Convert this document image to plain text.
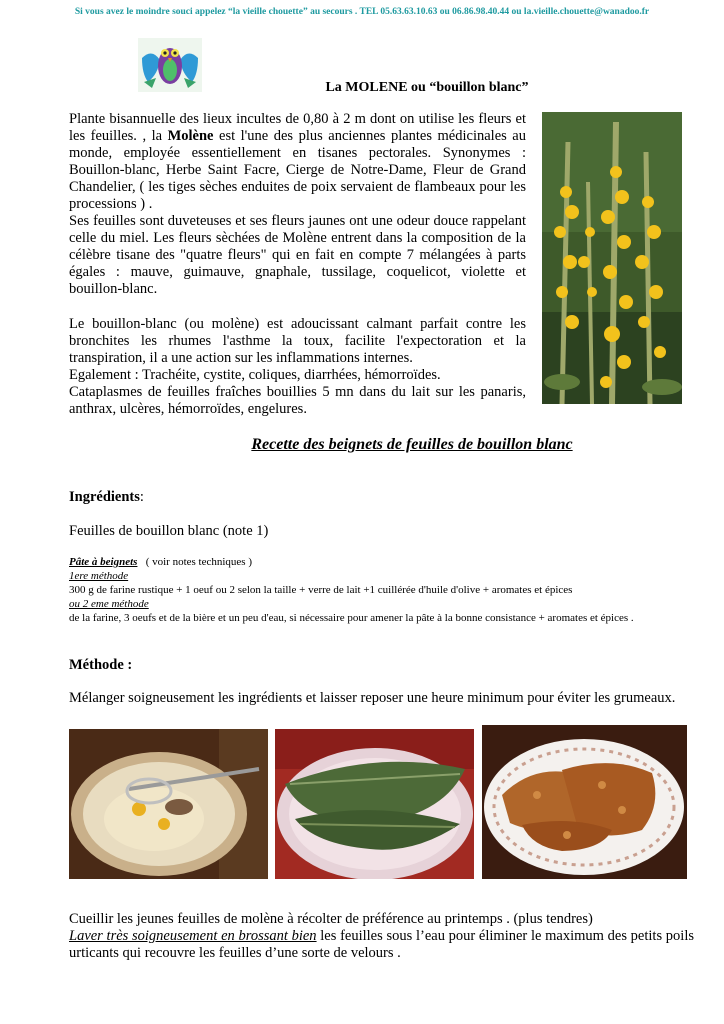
Si vous avez le moindre souci appelez “la vieille chouette” au secours . TEL 05.63.63.10.63 ou 06.86.98.40.44 ou la.vieille.chouette@wanadoo.fr
La MOLENE ou “bouillon blanc”
Plante bisannuelle des lieux incultes de 0,80 à 2 m dont on utilise les fleurs et les feuilles. , la Molène est l'une des plus anciennes plantes médicinales au monde, employée essentiellement en tisanes pectorales. Synonymes : Bouillon-blanc, Herbe Saint Facre, Cierge de Notre-Dame, Fleur de Grand Chandelier, ( les tiges sèches enduites de poix servaient de flambeaux pour les processions ) .
Ses feuilles sont duveteuses et ses fleurs jaunes ont une odeur douce rappelant celle du miel. Les fleurs sèchées de Molène entrent dans la composition de la célèbre tisane des "quatre fleurs" qui en fait en compte 7 mélangées à parts égales : mauve, guimauve, gnaphale, tussilage, coquelicot, violette et bouillon-blanc.
Le bouillon-blanc (ou molène) est adoucissant calmant parfait contre les bronchites les rhumes l'asthme la toux, facilite l'expectoration et la transpiration, il a une action sur les inflammations internes.
Egalement : Trachéite, cystite, coliques, diarrhées, hémorroïdes.
Cataplasmes de feuilles fraîches bouillies 5 mn dans du lait sur les panaris, anthrax, ulcères, hémorroïdes, engelures.
Recette des beignets de feuilles de bouillon blanc
Ingrédients:
Feuilles de bouillon blanc (note 1)
Pâte à beignets   ( voir notes techniques )
1ere méthode
300 g de farine rustique + 1 oeuf ou 2 selon la taille + verre de lait +1 cuillérée d'huile d'olive + aromates et épices
ou 2 eme méthode
de la farine, 3 oeufs et de la bière et un peu d'eau, si nécessaire pour amener la pâte à la bonne consistance + aromates et épices .
Méthode :
Mélanger soigneusement les ingrédients et laisser reposer une heure minimum pour éviter les grumeaux.
Cueillir les jeunes feuilles de molène à récolter de préférence au printemps . (plus tendres)
Laver très soigneusement en brossant bien les feuilles sous l’eau pour éliminer le maximum des petits poils urticants qui recouvre les feuilles d’une sorte de velours .
